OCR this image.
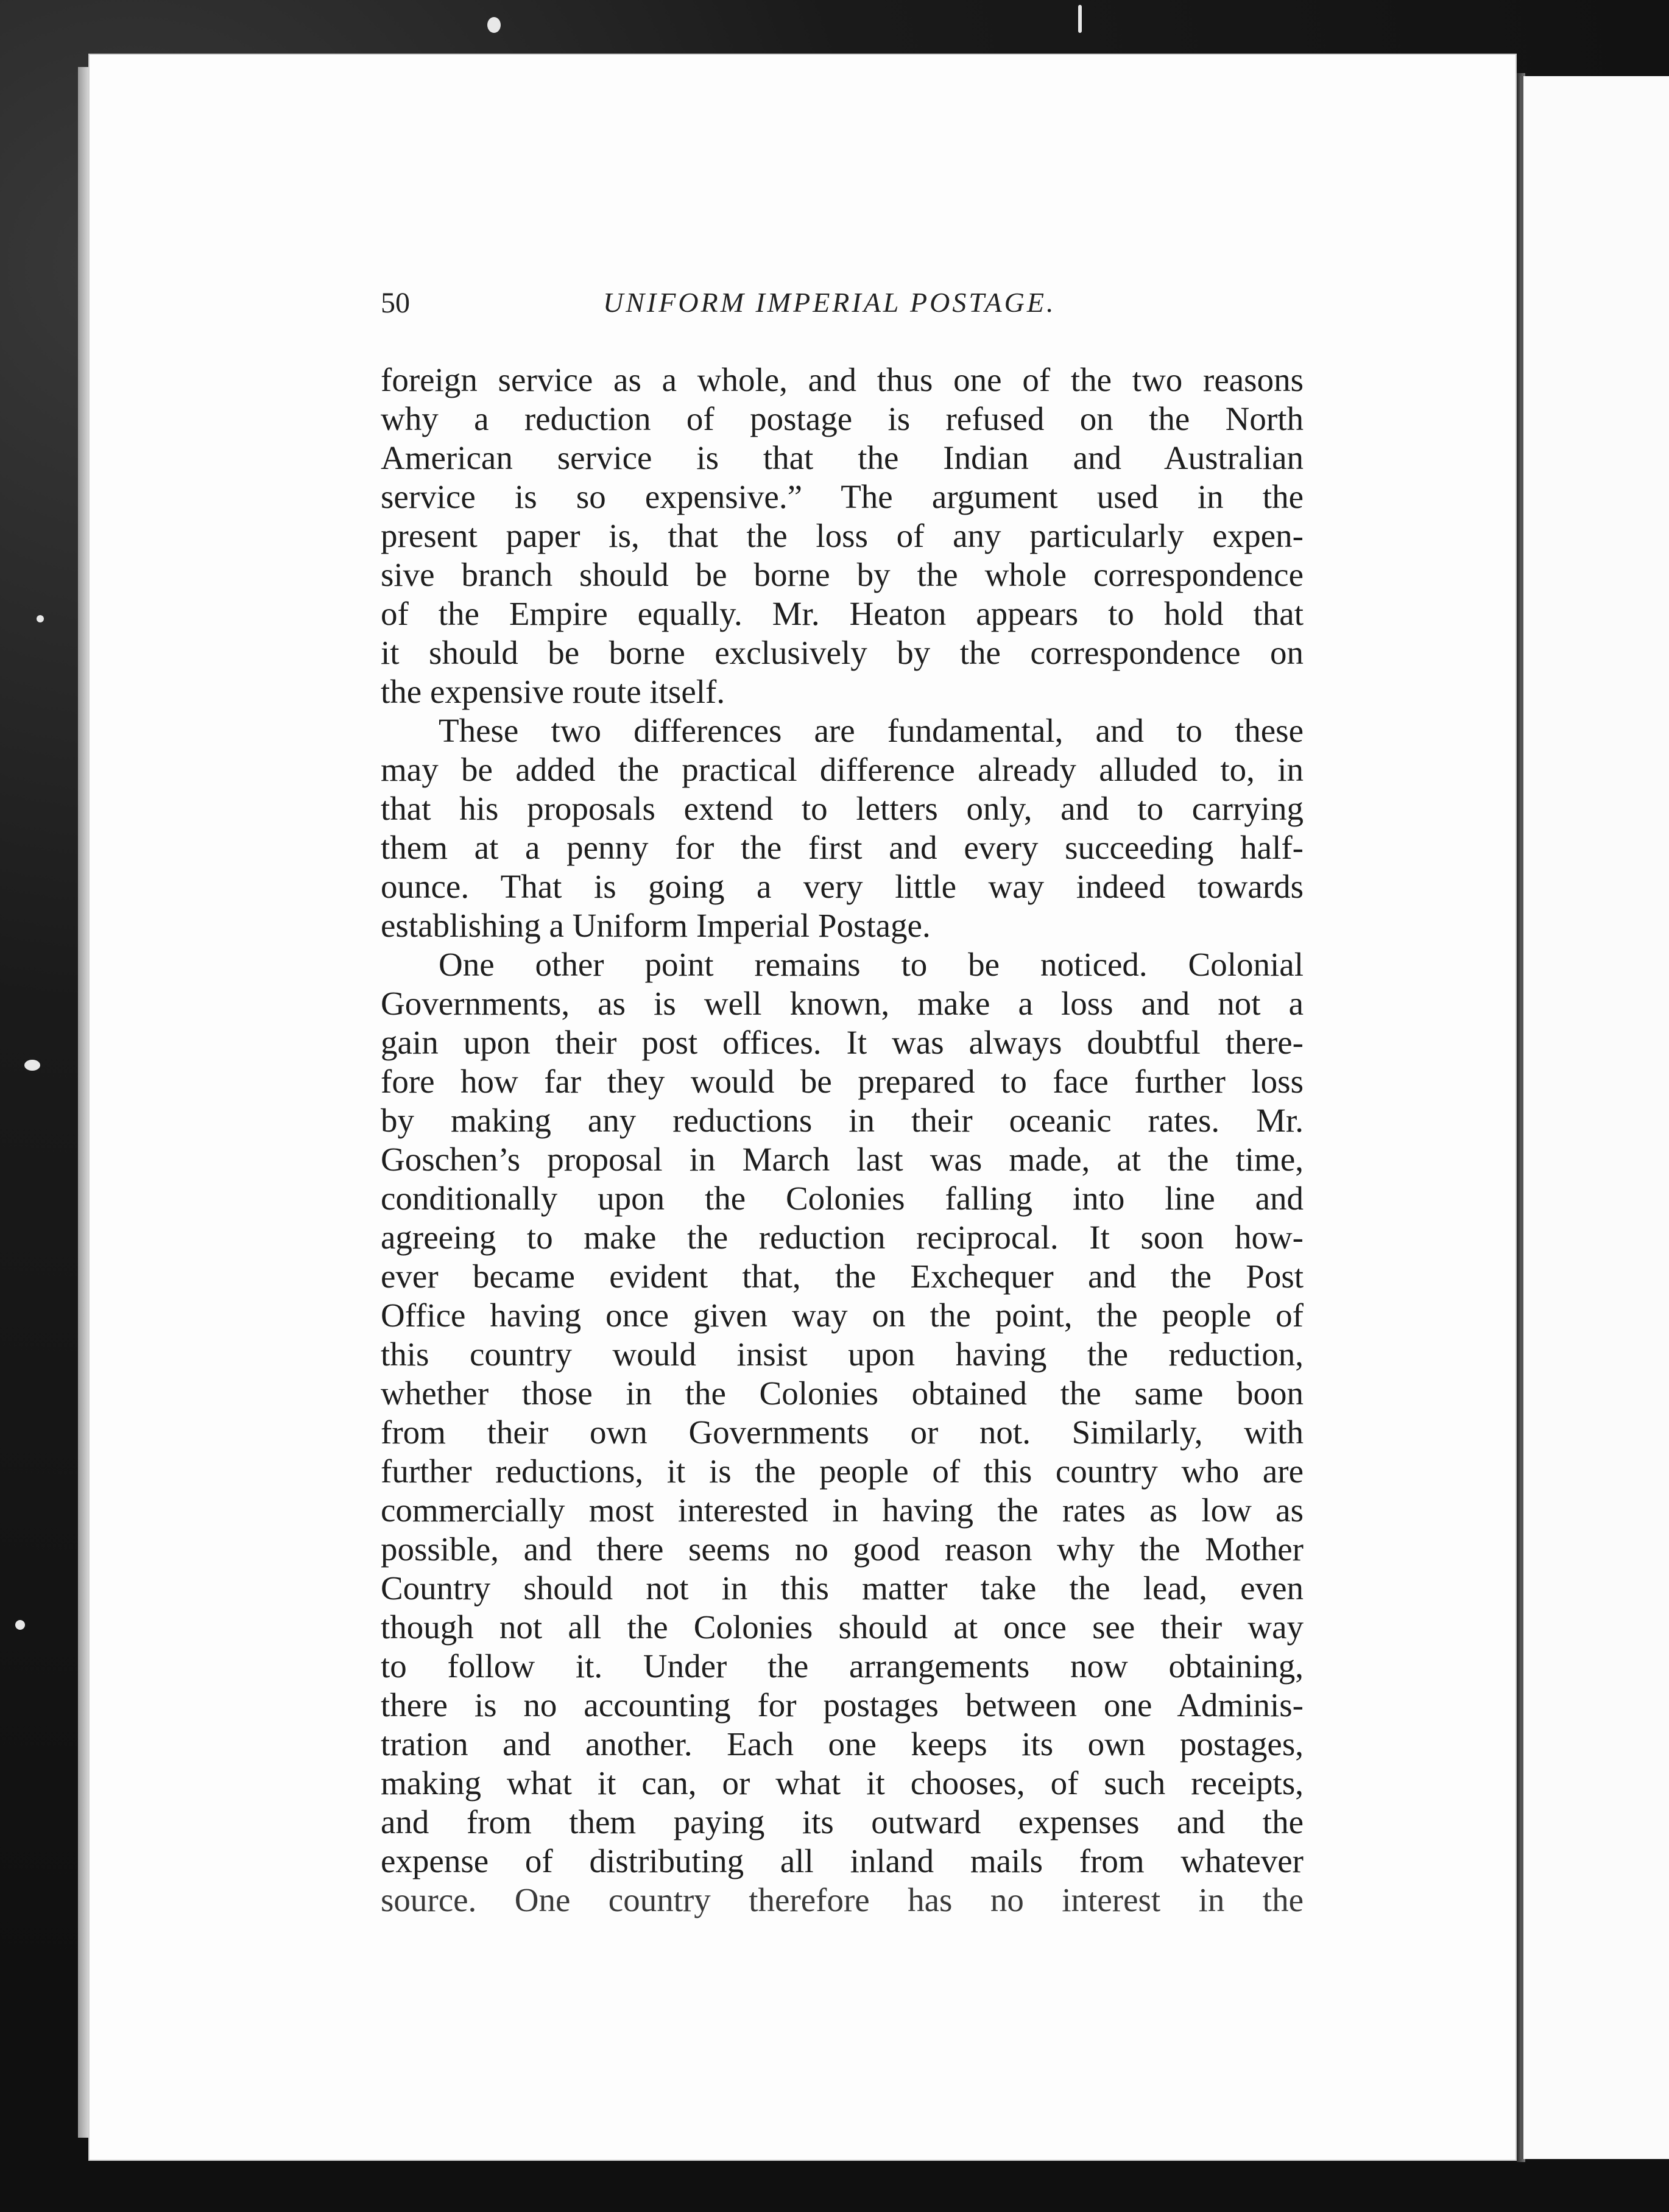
50	UNIFORM IMPERIAL POSTAGE.
foreign service as a whole, and thus one of the two reasons
why a reduction of postage is refused on the North
American service is that the Indian and Australian
service is so expensive.” The argument used in the
present paper is, that the loss of any particularly expen-
sive branch should be borne by the whole correspondence
of the Empire equally. Mr. Heaton appears to hold that
it should be borne exclusively by the correspondence on
the expensive route itself.
These two differences are fundamental, and to these
may be added the practical difference already alluded to, in
that his proposals extend to letters only, and to carrying
them at a penny for the first and every succeeding half-
ounce. That is going a very little way indeed towards
establishing a Uniform Imperial Postage.
One other point remains to be noticed. Colonial
Governments, as is well known, make a loss and not a
gain upon their post offices. It was always doubtful there-
fore how far they would be prepared to face further loss
by making any reductions in their oceanic rates. Mr.
Goschen’s proposal in March last was made, at the time,
conditionally upon the Colonies falling into line and
agreeing to make the reduction reciprocal. It soon how-
ever became evident that, the Exchequer and the Post
Office having once given way on the point, the people of
this country would insist upon having the reduction,
whether those in the Colonies obtained the same boon
from their own Governments or not. Similarly, with
further reductions, it is the people of this country who are
commercially most interested in having the rates as low as
possible, and there seems no good reason why the Mother
Country should not in this matter take the lead, even
though not all the Colonies should at once see their way
to follow it. Under the arrangements now obtaining,
there is no accounting for postages between one Adminis-
tration and another. Each one keeps its own postages,
making what it can, or what it chooses, of such receipts,
and from them paying its outward expenses and the
expense of distributing all inland mails from whatever
source. One country therefore has no interest in the
